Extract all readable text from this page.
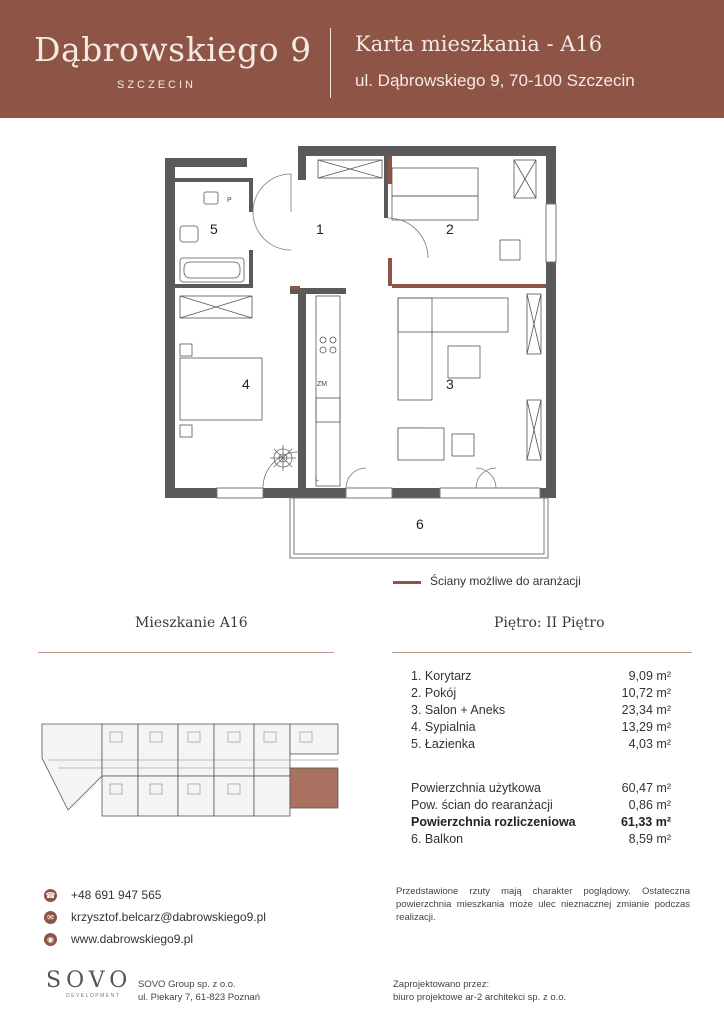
Dąbrowskiego 9
SZCZECIN
Karta mieszkania - A16
ul. Dąbrowskiego 9, 70-100 Szczecin
5	1	2
4	3
6
P
ZM
L
Ściany możliwe do aranżacji
Mieszkanie A16	Piętro: II Piętro
1. Korytarz	9,09 m²
2. Pokój	10,72 m²
3. Salon + Aneks	23,34 m²
4. Sypialnia	13,29 m²
5. Łazienka	4,03 m²
Powierzchnia użytkowa	60,47 m²
Pow. ścian do rearanżacji	0,86 m²
Powierzchnia rozliczeniowa	61,33 m²
6. Balkon	8,59 m²
☎ +48 691 947 565
✉ krzysztof.belcarz@dabrowskiego9.pl
◉ www.dabrowskiego9.pl
Przedstawione rzuty mają charakter poglądowy. Ostateczna powierzchnia mieszkania może ulec nieznacznej zmianie podczas realizacji.
SOVO
DEVELOPMENT
SOVO Group sp. z o.o.
ul. Piekary 7, 61-823 Poznań
Zaprojektowano przez:
biuro projektowe ar-2 architekci sp. z o.o.
